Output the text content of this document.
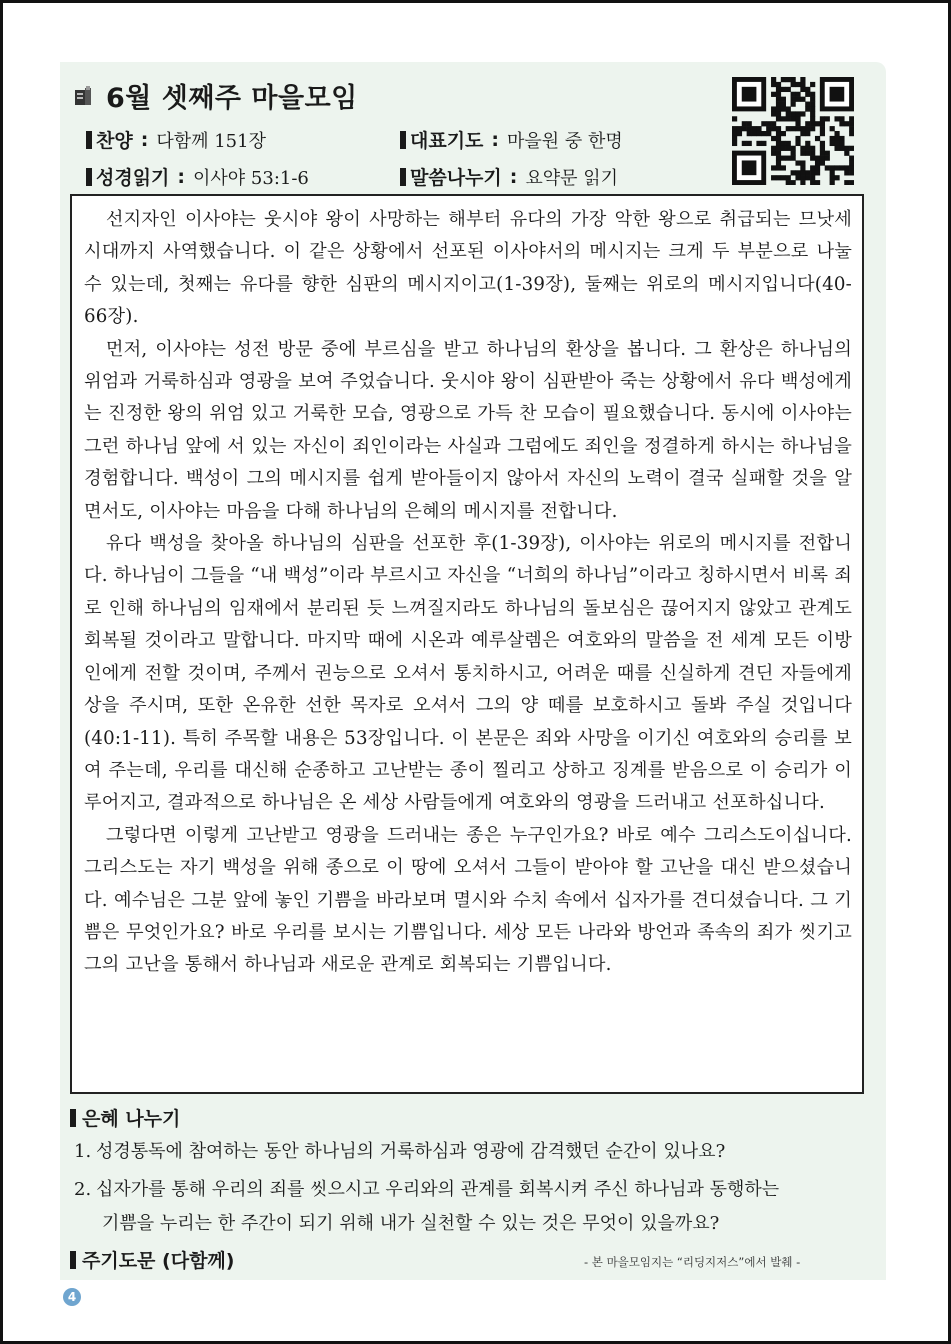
6월 셋째주 마을모임
찬양 : 다함께 151장	대표기도 : 마을원 중 한명
성경읽기 : 이사야 53:1-6	말씀나누기 : 요약문 읽기

선지자인 이사야는 웃시야 왕이 사망하는 해부터 유다의 가장 악한 왕으로 취급되는 므낫세 시대까지 사역했습니다. 이 같은 상황에서 선포된 이사야서의 메시지는 크게 두 부분으로 나눌 수 있는데, 첫째는 유다를 향한 심판의 메시지이고(1-39장), 둘째는 위로의 메시지입니다(40-66장).

먼저, 이사야는 성전 방문 중에 부르심을 받고 하나님의 환상을 봅니다. 그 환상은 하나님의 위엄과 거룩하심과 영광을 보여 주었습니다. 웃시야 왕이 심판받아 죽는 상황에서 유다 백성에게는 진정한 왕의 위엄 있고 거룩한 모습, 영광으로 가득 찬 모습이 필요했습니다. 동시에 이사야는 그런 하나님 앞에 서 있는 자신이 죄인이라는 사실과 그럼에도 죄인을 정결하게 하시는 하나님을 경험합니다. 백성이 그의 메시지를 쉽게 받아들이지 않아서 자신의 노력이 결국 실패할 것을 알면서도, 이사야는 마음을 다해 하나님의 은혜의 메시지를 전합니다.

유다 백성을 찾아올 하나님의 심판을 선포한 후(1-39장), 이사야는 위로의 메시지를 전합니다. 하나님이 그들을 “내 백성”이라 부르시고 자신을 “너희의 하나님”이라고 칭하시면서 비록 죄로 인해 하나님의 임재에서 분리된 듯 느껴질지라도 하나님의 돌보심은 끊어지지 않았고 관계도 회복될 것이라고 말합니다. 마지막 때에 시온과 예루살렘은 여호와의 말씀을 전 세계 모든 이방인에게 전할 것이며, 주께서 권능으로 오셔서 통치하시고, 어려운 때를 신실하게 견딘 자들에게 상을 주시며, 또한 온유한 선한 목자로 오셔서 그의 양 떼를 보호하시고 돌봐 주실 것입니다(40:1-11). 특히 주목할 내용은 53장입니다. 이 본문은 죄와 사망을 이기신 여호와의 승리를 보여 주는데, 우리를 대신해 순종하고 고난받는 종이 찔리고 상하고 징계를 받음으로 이 승리가 이루어지고, 결과적으로 하나님은 온 세상 사람들에게 여호와의 영광을 드러내고 선포하십니다.

그렇다면 이렇게 고난받고 영광을 드러내는 종은 누구인가요? 바로 예수 그리스도이십니다. 그리스도는 자기 백성을 위해 종으로 이 땅에 오셔서 그들이 받아야 할 고난을 대신 받으셨습니다. 예수님은 그분 앞에 놓인 기쁨을 바라보며 멸시와 수치 속에서 십자가를 견디셨습니다. 그 기쁨은 무엇인가요? 바로 우리를 보시는 기쁨입니다. 세상 모든 나라와 방언과 족속의 죄가 씻기고 그의 고난을 통해서 하나님과 새로운 관계로 회복되는 기쁨입니다.

은혜 나누기
1. 성경통독에 참여하는 동안 하나님의 거룩하심과 영광에 감격했던 순간이 있나요?
2. 십자가를 통해 우리의 죄를 씻으시고 우리와의 관계를 회복시켜 주신 하나님과 동행하는
기쁨을 누리는 한 주간이 되기 위해 내가 실천할 수 있는 것은 무엇이 있을까요?
주기도문 (다함께)	- 본 마을모임지는 “리딩지저스”에서 발췌 -
4
